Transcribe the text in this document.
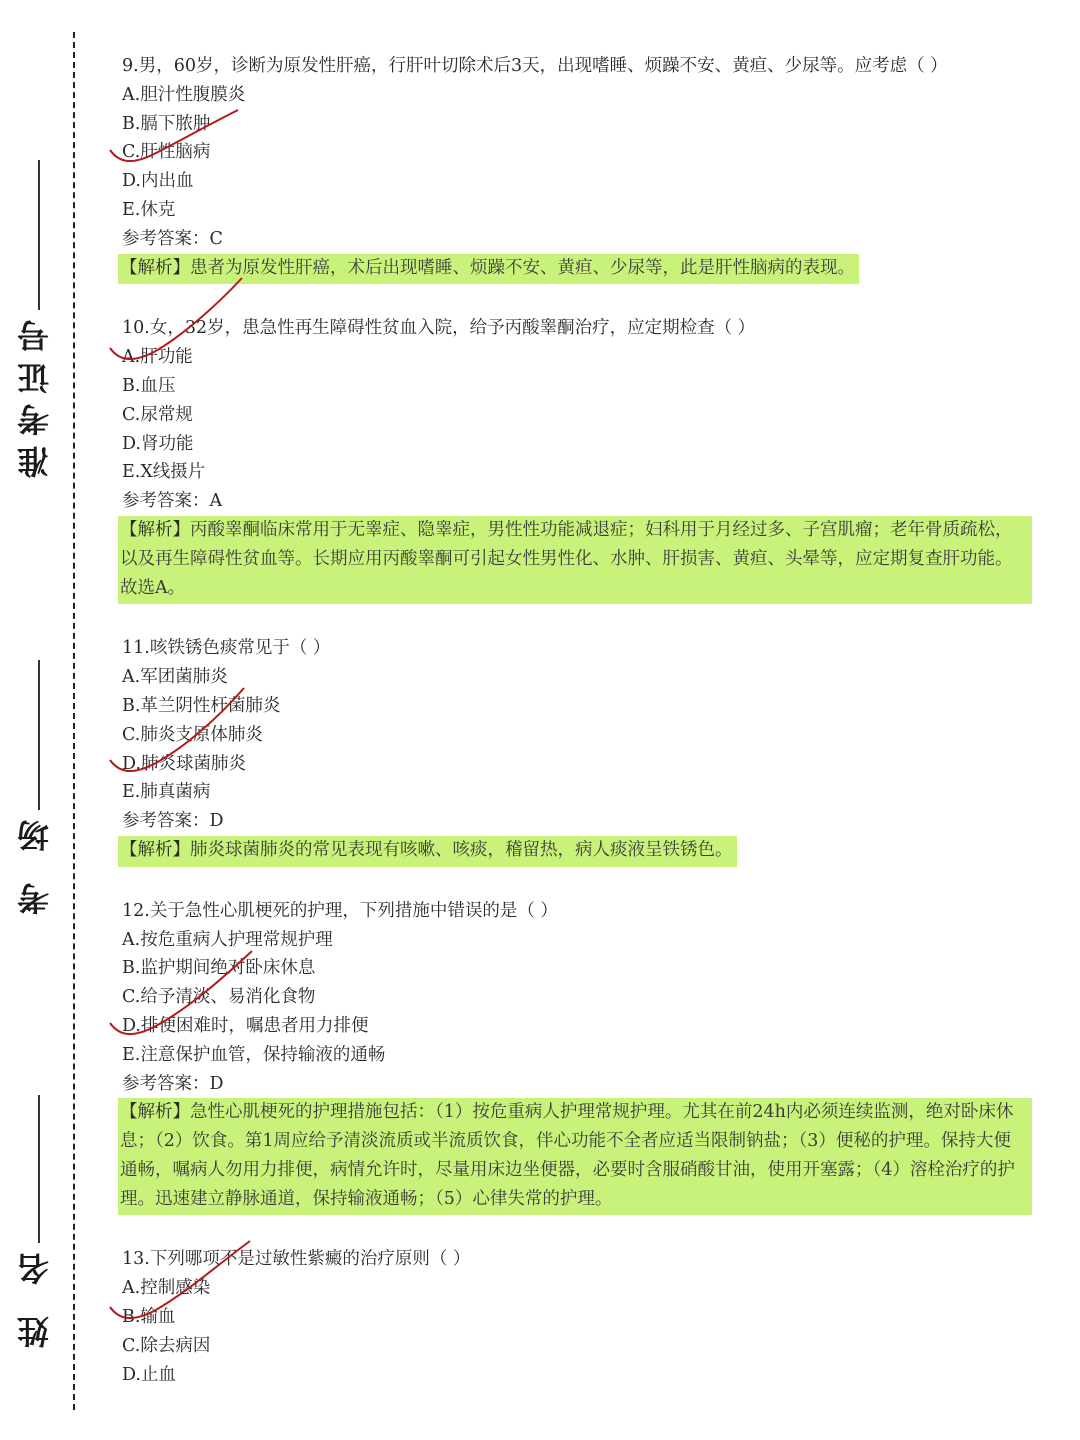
准考证号
考 场
姓 名
9.男，60岁，诊断为原发性肝癌，行肝叶切除术后3天，出现嗜睡、烦躁不安、黄疸、少尿等。应考虑（ ）
A.胆汁性腹膜炎
B.膈下脓肿
C.肝性脑病
D.内出血
E.休克
参考答案：C
【解析】患者为原发性肝癌，术后出现嗜睡、烦躁不安、黄疸、少尿等，此是肝性脑病的表现。
10.女，32岁，患急性再生障碍性贫血入院，给予丙酸睾酮治疗，应定期检查（ ）
A.肝功能
B.血压
C.尿常规
D.肾功能
E.X线摄片
参考答案：A
【解析】丙酸睾酮临床常用于无睾症、隐睾症，男性性功能减退症；妇科用于月经过多、子宫肌瘤；老年骨质疏松，以及再生障碍性贫血等。长期应用丙酸睾酮可引起女性男性化、水肿、肝损害、黄疸、头晕等，应定期复查肝功能。故选A。
11.咳铁锈色痰常见于（ ）
A.军团菌肺炎
B.革兰阴性杆菌肺炎
C.肺炎支原体肺炎
D.肺炎球菌肺炎
E.肺真菌病
参考答案：D
【解析】肺炎球菌肺炎的常见表现有咳嗽、咳痰，稽留热，病人痰液呈铁锈色。
12.关于急性心肌梗死的护理，下列措施中错误的是（ ）
A.按危重病人护理常规护理
B.监护期间绝对卧床休息
C.给予清淡、易消化食物
D.排便困难时，嘱患者用力排便
E.注意保护血管，保持输液的通畅
参考答案：D
【解析】急性心肌梗死的护理措施包括：（1）按危重病人护理常规护理。尤其在前24h内必须连续监测，绝对卧床休息；（2）饮食。第1周应给予清淡流质或半流质饮食，伴心功能不全者应适当限制钠盐；（3）便秘的护理。保持大便通畅，嘱病人勿用力排便，病情允许时，尽量用床边坐便器，必要时含服硝酸甘油，使用开塞露；（4）溶栓治疗的护理。迅速建立静脉通道，保持输液通畅；（5）心律失常的护理。
13.下列哪项不是过敏性紫癜的治疗原则（ ）
A.控制感染
B.输血
C.除去病因
D.止血
